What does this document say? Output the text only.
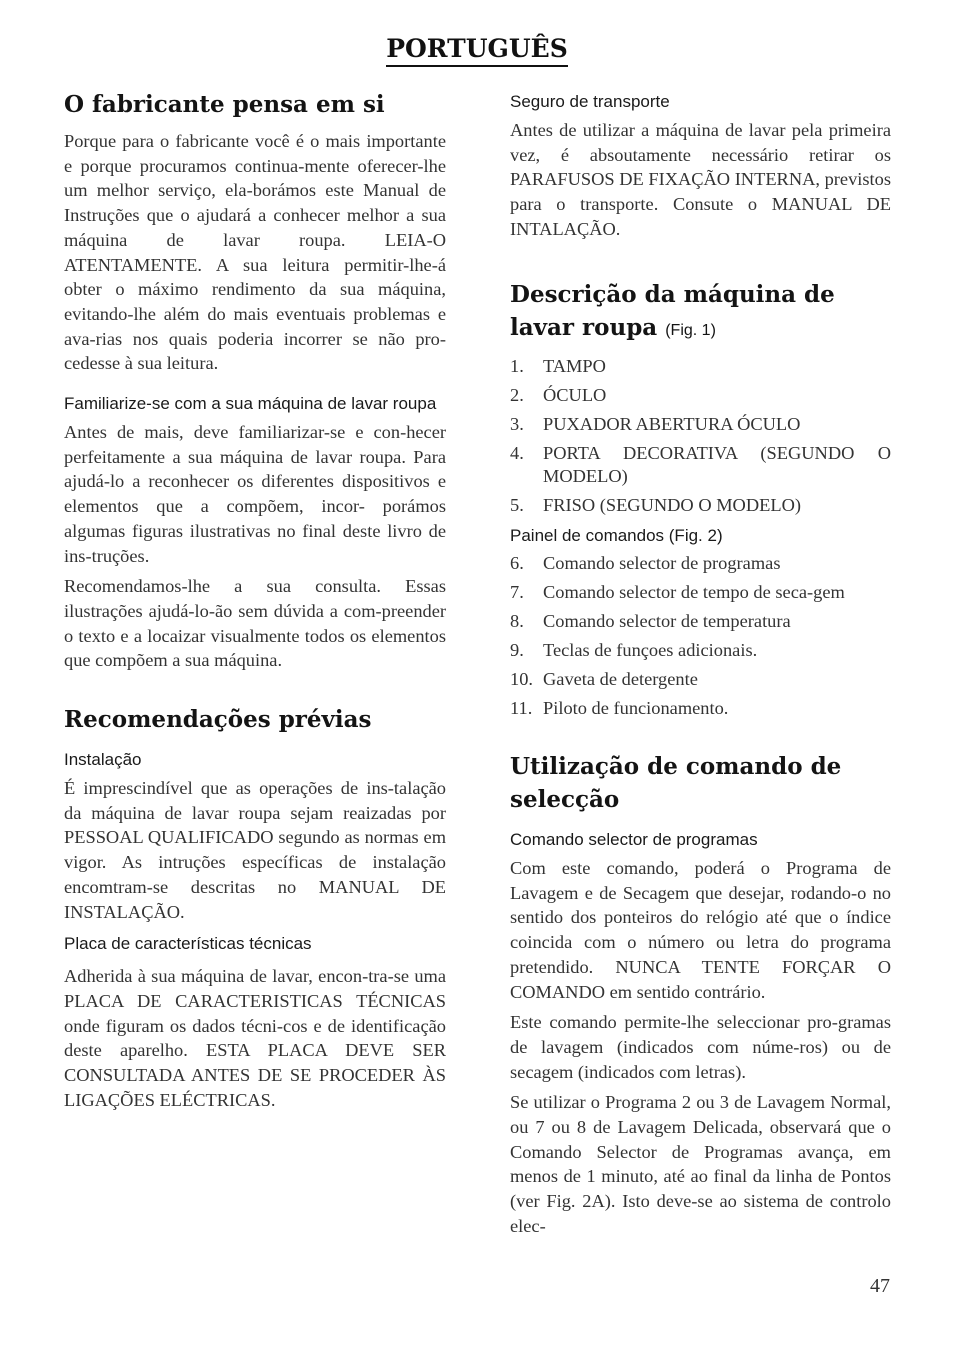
PORTUGUÊS
O fabricante pensa em si

Porque para o fabricante você é o mais importante e porque procuramos continua-mente oferecer-lhe um melhor serviço, ela-borámos este Manual de Instruções que o ajudará a conhecer melhor a sua máquina de lavar roupa. LEIA-O ATENTAMENTE. A sua leitura permitir-lhe-á obter o máximo rendimento da sua máquina, evitando-lhe além do mais eventuais problemas e ava-rias nos quais poderia incorrer se não pro-cedesse à sua leitura.

Familiarize-se com a sua máquina de lavar roupa

Antes de mais, deve familiarizar-se e con-hecer perfeitamente a sua máquina de lavar roupa. Para ajudá-lo a reconhecer os diferentes dispositivos e elementos que a compõem, incor- porámos algumas figuras ilustrativas no final deste livro de ins-truções.

Recomendamos-lhe a sua consulta. Essas ilustrações ajudá-lo-ão sem dúvida a com-preender o texto e a locaizar visualmente todos os elementos que compõem a sua máquina.

Recomendações prévias
Instalação

É imprescindível que as operações de ins-talação da máquina de lavar roupa sejam reaizadas por PESSOAL QUALIFICADO segundo as normas em vigor. As intruções específicas de instalação encomtram-se descritas no MANUAL DE INSTALAÇÃO.

Placa de características técnicas

Adherida à sua máquina de lavar, encon-tra-se uma PLACA DE CARACTERISTICAS TÉCNICAS onde figuram os dados técni-cos e de identificação deste aparelho. ESTA PLACA DEVE SER CONSULTADA ANTES DE SE PROCEDER ÀS LIGAÇÕES ELÉCTRICAS.

Seguro de transporte

Antes de utilizar a máquina de lavar pela primeira vez, é absoutamente necessário retirar os PARAFUSOS DE FIXAÇÃO INTERNA, previstos para o transporte. Consute o MANUAL DE INTALAÇÃO.

Descrição da máquina de lavar roupa (Fig. 1)
1.	TAMPO
2.	ÓCULO
3.	PUXADOR ABERTURA ÓCULO
4.	PORTA DECORATIVA (SEGUNDO O MODELO)
5.	FRISO (SEGUNDO O MODELO)
Painel de comandos (Fig. 2)
6.	Comando selector de programas
7.	Comando selector de tempo de seca-gem
8.	Comando selector de temperatura
9.	Teclas de funçoes adicionais.
10. Gaveta de detergente
11. Piloto de funcionamento.
Utilização de comando de selecção
Comando selector de programas

Com este comando, poderá o Programa de Lavagem e de Secagem que desejar, rodando-o no sentido dos ponteiros do relógio até que o índice coincida com o número ou letra do programa pretendido. NUNCA TENTE FORÇAR O COMANDO em sentido contrário.

Este comando permite-lhe seleccionar pro-gramas de lavagem (indicados com núme-ros) ou de secagem (indicados com letras).

Se utilizar o Programa 2 ou 3 de Lavagem Normal, ou 7 ou 8 de Lavagem Delicada, observará que o Comando Selector de Programas avança, em menos de 1 minuto, até ao final da linha de Pontos (ver Fig. 2A). Isto deve-se ao sistema de controlo elec-

47
